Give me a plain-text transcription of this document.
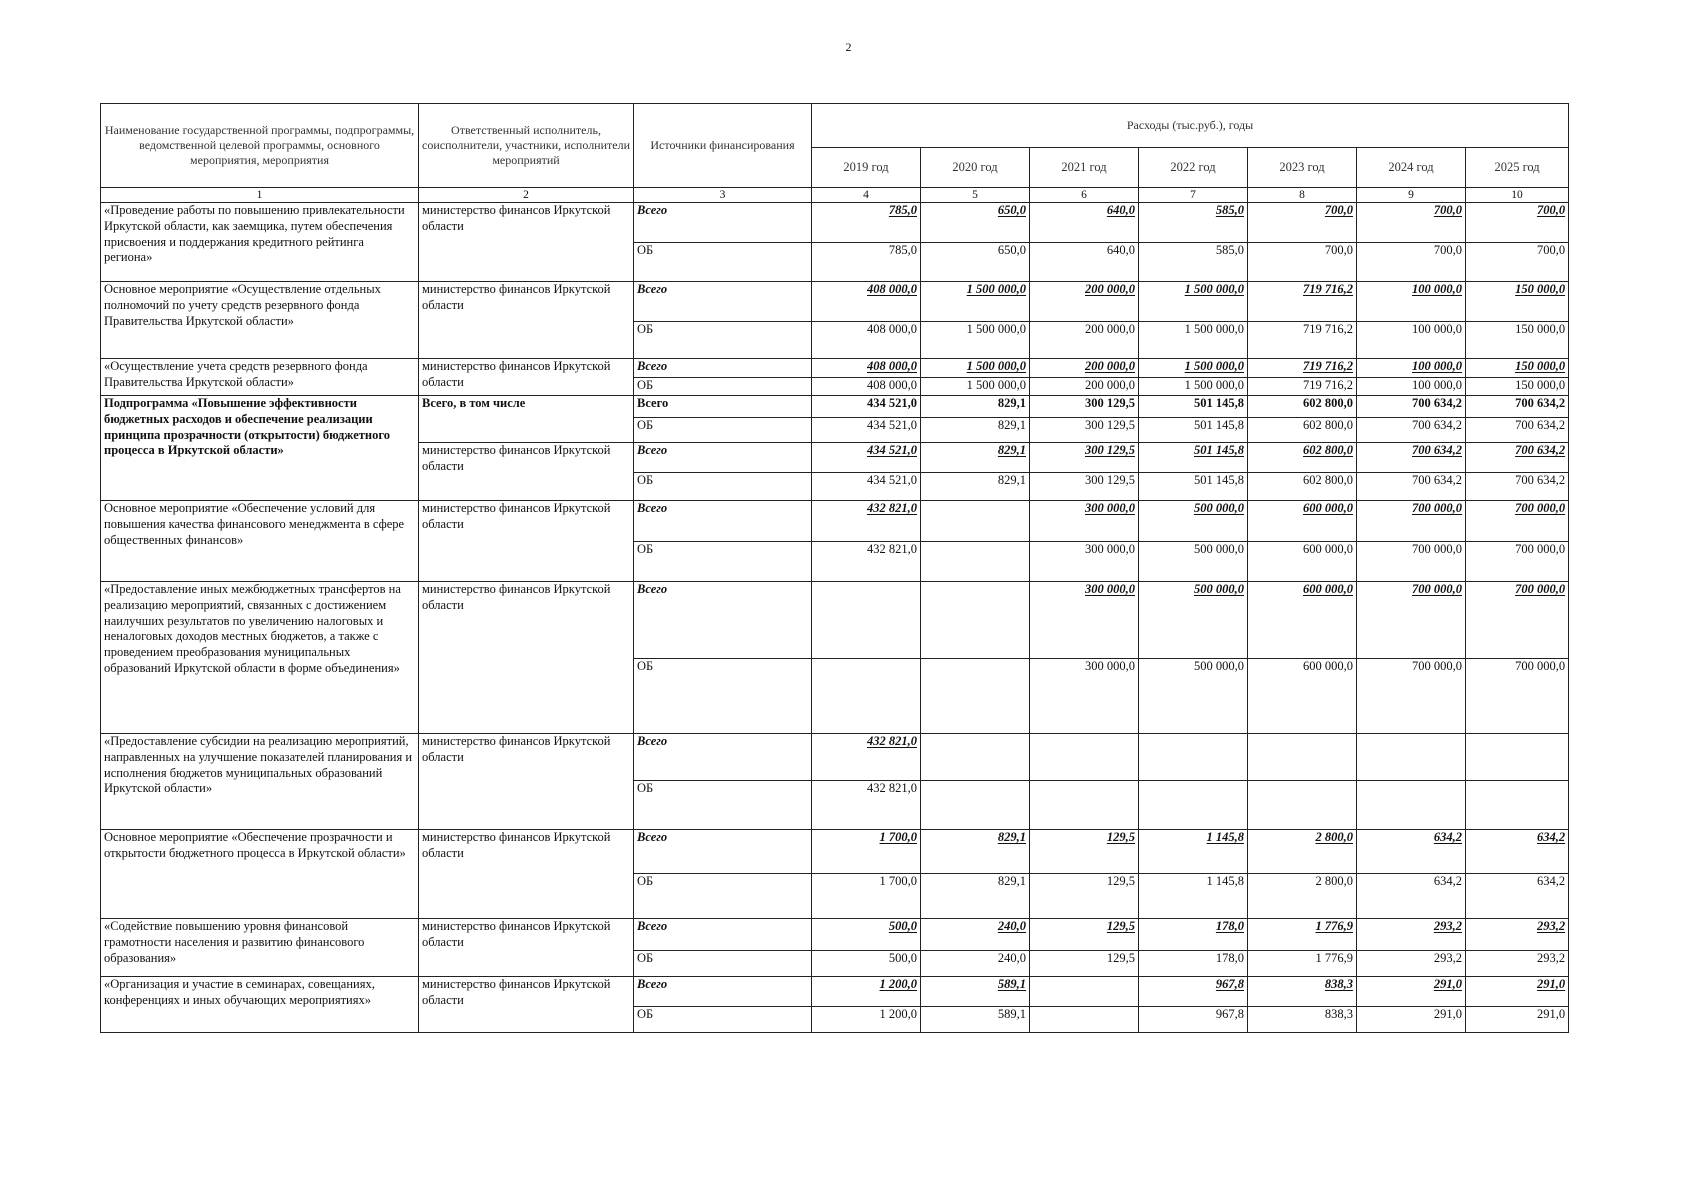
2
Наименование государственной программы, подпрограммы, ведомственной целевой программы, основного мероприятия, мероприятия	Ответственный исполнитель, соисполнители, участники, исполнители мероприятий	Источники финансирования	Расходы (тыс.руб.), годы						
			2019 год	2020 год	2021 год	2022 год	2023 год	2024 год	2025 год
1	2	3	4	5	6	7	8	9	10
«Проведение работы по повышению привлекательности Иркутской области, как заемщика, путем обеспечения присвоения и поддержания кредитного рейтинга региона»	министерство финансов Иркутской области	Всего	785,0	650,0	640,0	585,0	700,0	700,0	700,0
		ОБ	785,0	650,0	640,0	585,0	700,0	700,0	700,0
Основное мероприятие «Осуществление отдельных полномочий по учету средств резервного фонда Правительства Иркутской области»	министерство финансов Иркутской области	Всего	408 000,0	1 500 000,0	200 000,0	1 500 000,0	719 716,2	100 000,0	150 000,0
		ОБ	408 000,0	1 500 000,0	200 000,0	1 500 000,0	719 716,2	100 000,0	150 000,0
«Осуществление учета средств резервного фонда Правительства Иркутской области»	министерство финансов Иркутской области	Всего	408 000,0	1 500 000,0	200 000,0	1 500 000,0	719 716,2	100 000,0	150 000,0
		ОБ	408 000,0	1 500 000,0	200 000,0	1 500 000,0	719 716,2	100 000,0	150 000,0
Подпрограмма «Повышение эффективности бюджетных расходов и обеспечение реализации принципа прозрачности (открытости) бюджетного процесса в Иркутской области»	Всего, в том числе	Всего	434 521,0	829,1	300 129,5	501 145,8	602 800,0	700 634,2	700 634,2
		ОБ	434 521,0	829,1	300 129,5	501 145,8	602 800,0	700 634,2	700 634,2
	министерство финансов Иркутской области	Всего	434 521,0	829,1	300 129,5	501 145,8	602 800,0	700 634,2	700 634,2
		ОБ	434 521,0	829,1	300 129,5	501 145,8	602 800,0	700 634,2	700 634,2
Основное мероприятие «Обеспечение условий для повышения качества финансового менеджмента в сфере общественных финансов»	министерство финансов Иркутской области	Всего	432 821,0		300 000,0	500 000,0	600 000,0	700 000,0	700 000,0
		ОБ	432 821,0		300 000,0	500 000,0	600 000,0	700 000,0	700 000,0
«Предоставление иных межбюджетных трансфертов на реализацию мероприятий, связанных с достижением наилучших результатов по увеличению налоговых и неналоговых доходов местных бюджетов, а также с проведением преобразования муниципальных образований Иркутской области в форме объединения»	министерство финансов Иркутской области	Всего			300 000,0	500 000,0	600 000,0	700 000,0	700 000,0
		ОБ			300 000,0	500 000,0	600 000,0	700 000,0	700 000,0
«Предоставление субсидии на реализацию мероприятий, направленных на улучшение показателей планирования и исполнения бюджетов муниципальных образований Иркутской области»	министерство финансов Иркутской области	Всего	432 821,0						
		ОБ	432 821,0						
Основное мероприятие «Обеспечение прозрачности и открытости бюджетного процесса в Иркутской области»	министерство финансов Иркутской области	Всего	1 700,0	829,1	129,5	1 145,8	2 800,0	634,2	634,2
		ОБ	1 700,0	829,1	129,5	1 145,8	2 800,0	634,2	634,2
«Содействие повышению уровня финансовой грамотности населения и развитию финансового образования»	министерство финансов Иркутской области	Всего	500,0	240,0	129,5	178,0	1 776,9	293,2	293,2
		ОБ	500,0	240,0	129,5	178,0	1 776,9	293,2	293,2
«Организация и участие в семинарах, совещаниях, конференциях и иных обучающих мероприятиях»	министерство финансов Иркутской области	Всего	1 200,0	589,1		967,8	838,3	291,0	291,0
		ОБ	1 200,0	589,1		967,8	838,3	291,0	291,0
